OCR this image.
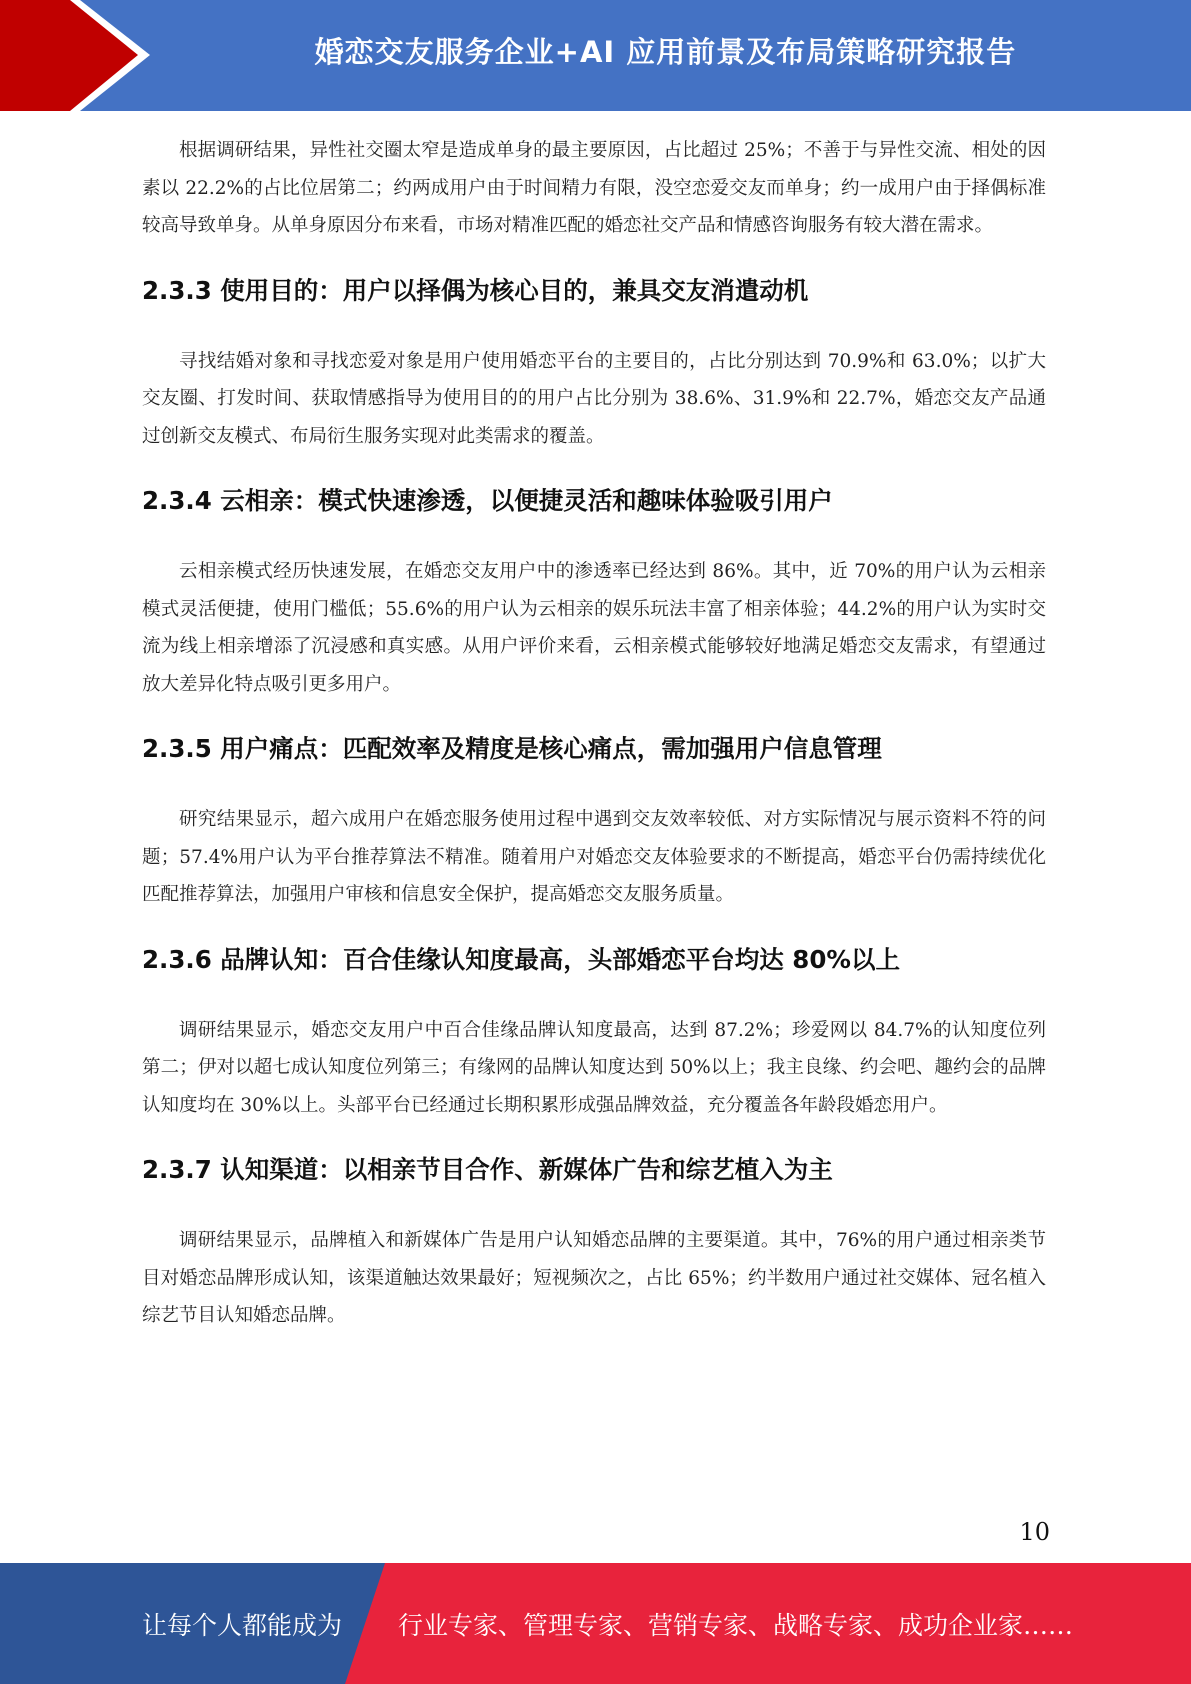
婚恋交友服务企业+AI 应用前景及布局策略研究报告

根据调研结果，异性社交圈太窄是造成单身的最主要原因，占比超过 25%；不善于与异性交流、相处的因素以 22.2%的占比位居第二；约两成用户由于时间精力有限，没空恋爱交友而单身；约一成用户由于择偶标准较高导致单身。从单身原因分布来看，市场对精准匹配的婚恋社交产品和情感咨询服务有较大潜在需求。

2.3.3 使用目的：用户以择偶为核心目的，兼具交友消遣动机

寻找结婚对象和寻找恋爱对象是用户使用婚恋平台的主要目的，占比分别达到 70.9%和 63.0%；以扩大交友圈、打发时间、获取情感指导为使用目的的用户占比分别为 38.6%、31.9%和 22.7%，婚恋交友产品通过创新交友模式、布局衍生服务实现对此类需求的覆盖。

2.3.4 云相亲：模式快速渗透，以便捷灵活和趣味体验吸引用户

云相亲模式经历快速发展，在婚恋交友用户中的渗透率已经达到 86%。其中，近 70%的用户认为云相亲模式灵活便捷，使用门槛低；55.6%的用户认为云相亲的娱乐玩法丰富了相亲体验；44.2%的用户认为实时交流为线上相亲增添了沉浸感和真实感。从用户评价来看，云相亲模式能够较好地满足婚恋交友需求，有望通过放大差异化特点吸引更多用户。

2.3.5 用户痛点：匹配效率及精度是核心痛点，需加强用户信息管理

研究结果显示，超六成用户在婚恋服务使用过程中遇到交友效率较低、对方实际情况与展示资料不符的问题；57.4%用户认为平台推荐算法不精准。随着用户对婚恋交友体验要求的不断提高，婚恋平台仍需持续优化匹配推荐算法，加强用户审核和信息安全保护，提高婚恋交友服务质量。

2.3.6 品牌认知：百合佳缘认知度最高，头部婚恋平台均达 80%以上

调研结果显示，婚恋交友用户中百合佳缘品牌认知度最高，达到 87.2%；珍爱网以 84.7%的认知度位列第二；伊对以超七成认知度位列第三；有缘网的品牌认知度达到 50%以上；我主良缘、约会吧、趣约会的品牌认知度均在 30%以上。头部平台已经通过长期积累形成强品牌效益，充分覆盖各年龄段婚恋用户。

2.3.7 认知渠道：以相亲节目合作、新媒体广告和综艺植入为主

调研结果显示，品牌植入和新媒体广告是用户认知婚恋品牌的主要渠道。其中，76%的用户通过相亲类节目对婚恋品牌形成认知，该渠道触达效果最好；短视频次之，占比 65%；约半数用户通过社交媒体、冠名植入综艺节目认知婚恋品牌。

10
让每个人都能成为 行业专家、管理专家、营销专家、战略专家、成功企业家……
